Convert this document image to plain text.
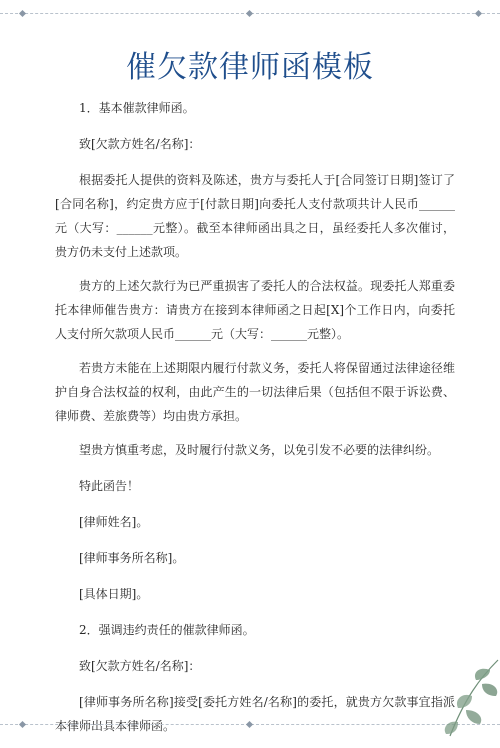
催欠款律师函模板

1．基本催款律师函。

致[欠款方姓名/名称]：

根据委托人提供的资料及陈述，贵方与委托人于[合同签订日期]签订了[合同名称]，约定贵方应于[付款日期]向委托人支付款项共计人民币______元（大写：______元整）。截至本律师函出具之日，虽经委托人多次催讨，贵方仍未支付上述款项。

贵方的上述欠款行为已严重损害了委托人的合法权益。现委托人郑重委托本律师催告贵方：请贵方在接到本律师函之日起[X]个工作日内，向委托人支付所欠款项人民币______元（大写：______元整）。

若贵方未能在上述期限内履行付款义务，委托人将保留通过法律途径维护自身合法权益的权利，由此产生的一切法律后果（包括但不限于诉讼费、律师费、差旅费等）均由贵方承担。

望贵方慎重考虑，及时履行付款义务，以免引发不必要的法律纠纷。

特此函告！

[律师姓名]。

[律师事务所名称]。

[具体日期]。

2．强调违约责任的催款律师函。

致[欠款方姓名/名称]：

[律师事务所名称]接受[委托方姓名/名称]的委托，就贵方欠款事宜指派本律师出具本律师函。
